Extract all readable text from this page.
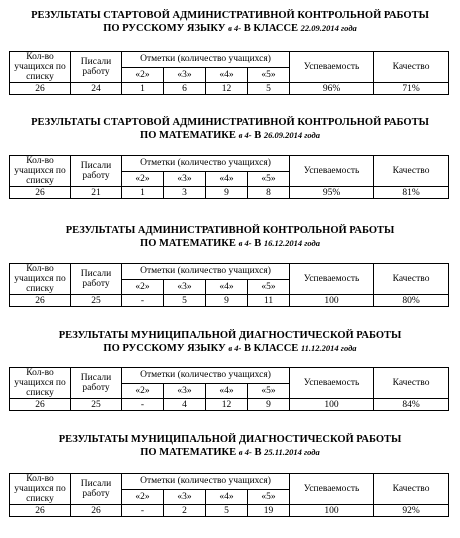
РЕЗУЛЬТАТЫ СТАРТОВОЙ АДМИНИСТРАТИВНОЙ КОНТРОЛЬНОЙ РАБОТЫ
ПО РУССКОМУ ЯЗЫКУ в 4- В КЛАССЕ 22.09.2014 года
Кол-во учащихся по списку	Писали работу	Отметки (количество учащихся)				Успеваемость	Качество
		«2»	«3»	«4»	«5»		
26	24	1	6	12	5	96%	71%
РЕЗУЛЬТАТЫ СТАРТОВОЙ АДМИНИСТРАТИВНОЙ КОНТРОЛЬНОЙ РАБОТЫ
ПО МАТЕМАТИКЕ в 4- В 26.09.2014 года
Кол-во учащихся по списку	Писали работу	Отметки (количество учащихся)				Успеваемость	Качество
		«2»	«3»	«4»	«5»		
26	21	1	3	9	8	95%	81%
РЕЗУЛЬТАТЫ АДМИНИСТРАТИВНОЙ КОНТРОЛЬНОЙ РАБОТЫ
ПО МАТЕМАТИКЕ в 4- В 16.12.2014 года
Кол-во учащихся по списку	Писали работу	Отметки (количество учащихся)				Успеваемость	Качество
		«2»	«3»	«4»	«5»		
26	25	-	5	9	11	100	80%
РЕЗУЛЬТАТЫ МУНИЦИПАЛЬНОЙ ДИАГНОСТИЧЕСКОЙ РАБОТЫ
ПО РУССКОМУ ЯЗЫКУ в 4- В КЛАССЕ 11.12.2014 года
Кол-во учащихся по списку	Писали работу	Отметки (количество учащихся)				Успеваемость	Качество
		«2»	«3»	«4»	«5»		
26	25	-	4	12	9	100	84%
РЕЗУЛЬТАТЫ МУНИЦИПАЛЬНОЙ ДИАГНОСТИЧЕСКОЙ РАБОТЫ
ПО МАТЕМАТИКЕ в 4- В 25.11.2014 года
Кол-во учащихся по списку	Писали работу	Отметки (количество учащихся)				Успеваемость	Качество
		«2»	«3»	«4»	«5»		
26	26	-	2	5	19	100	92%
